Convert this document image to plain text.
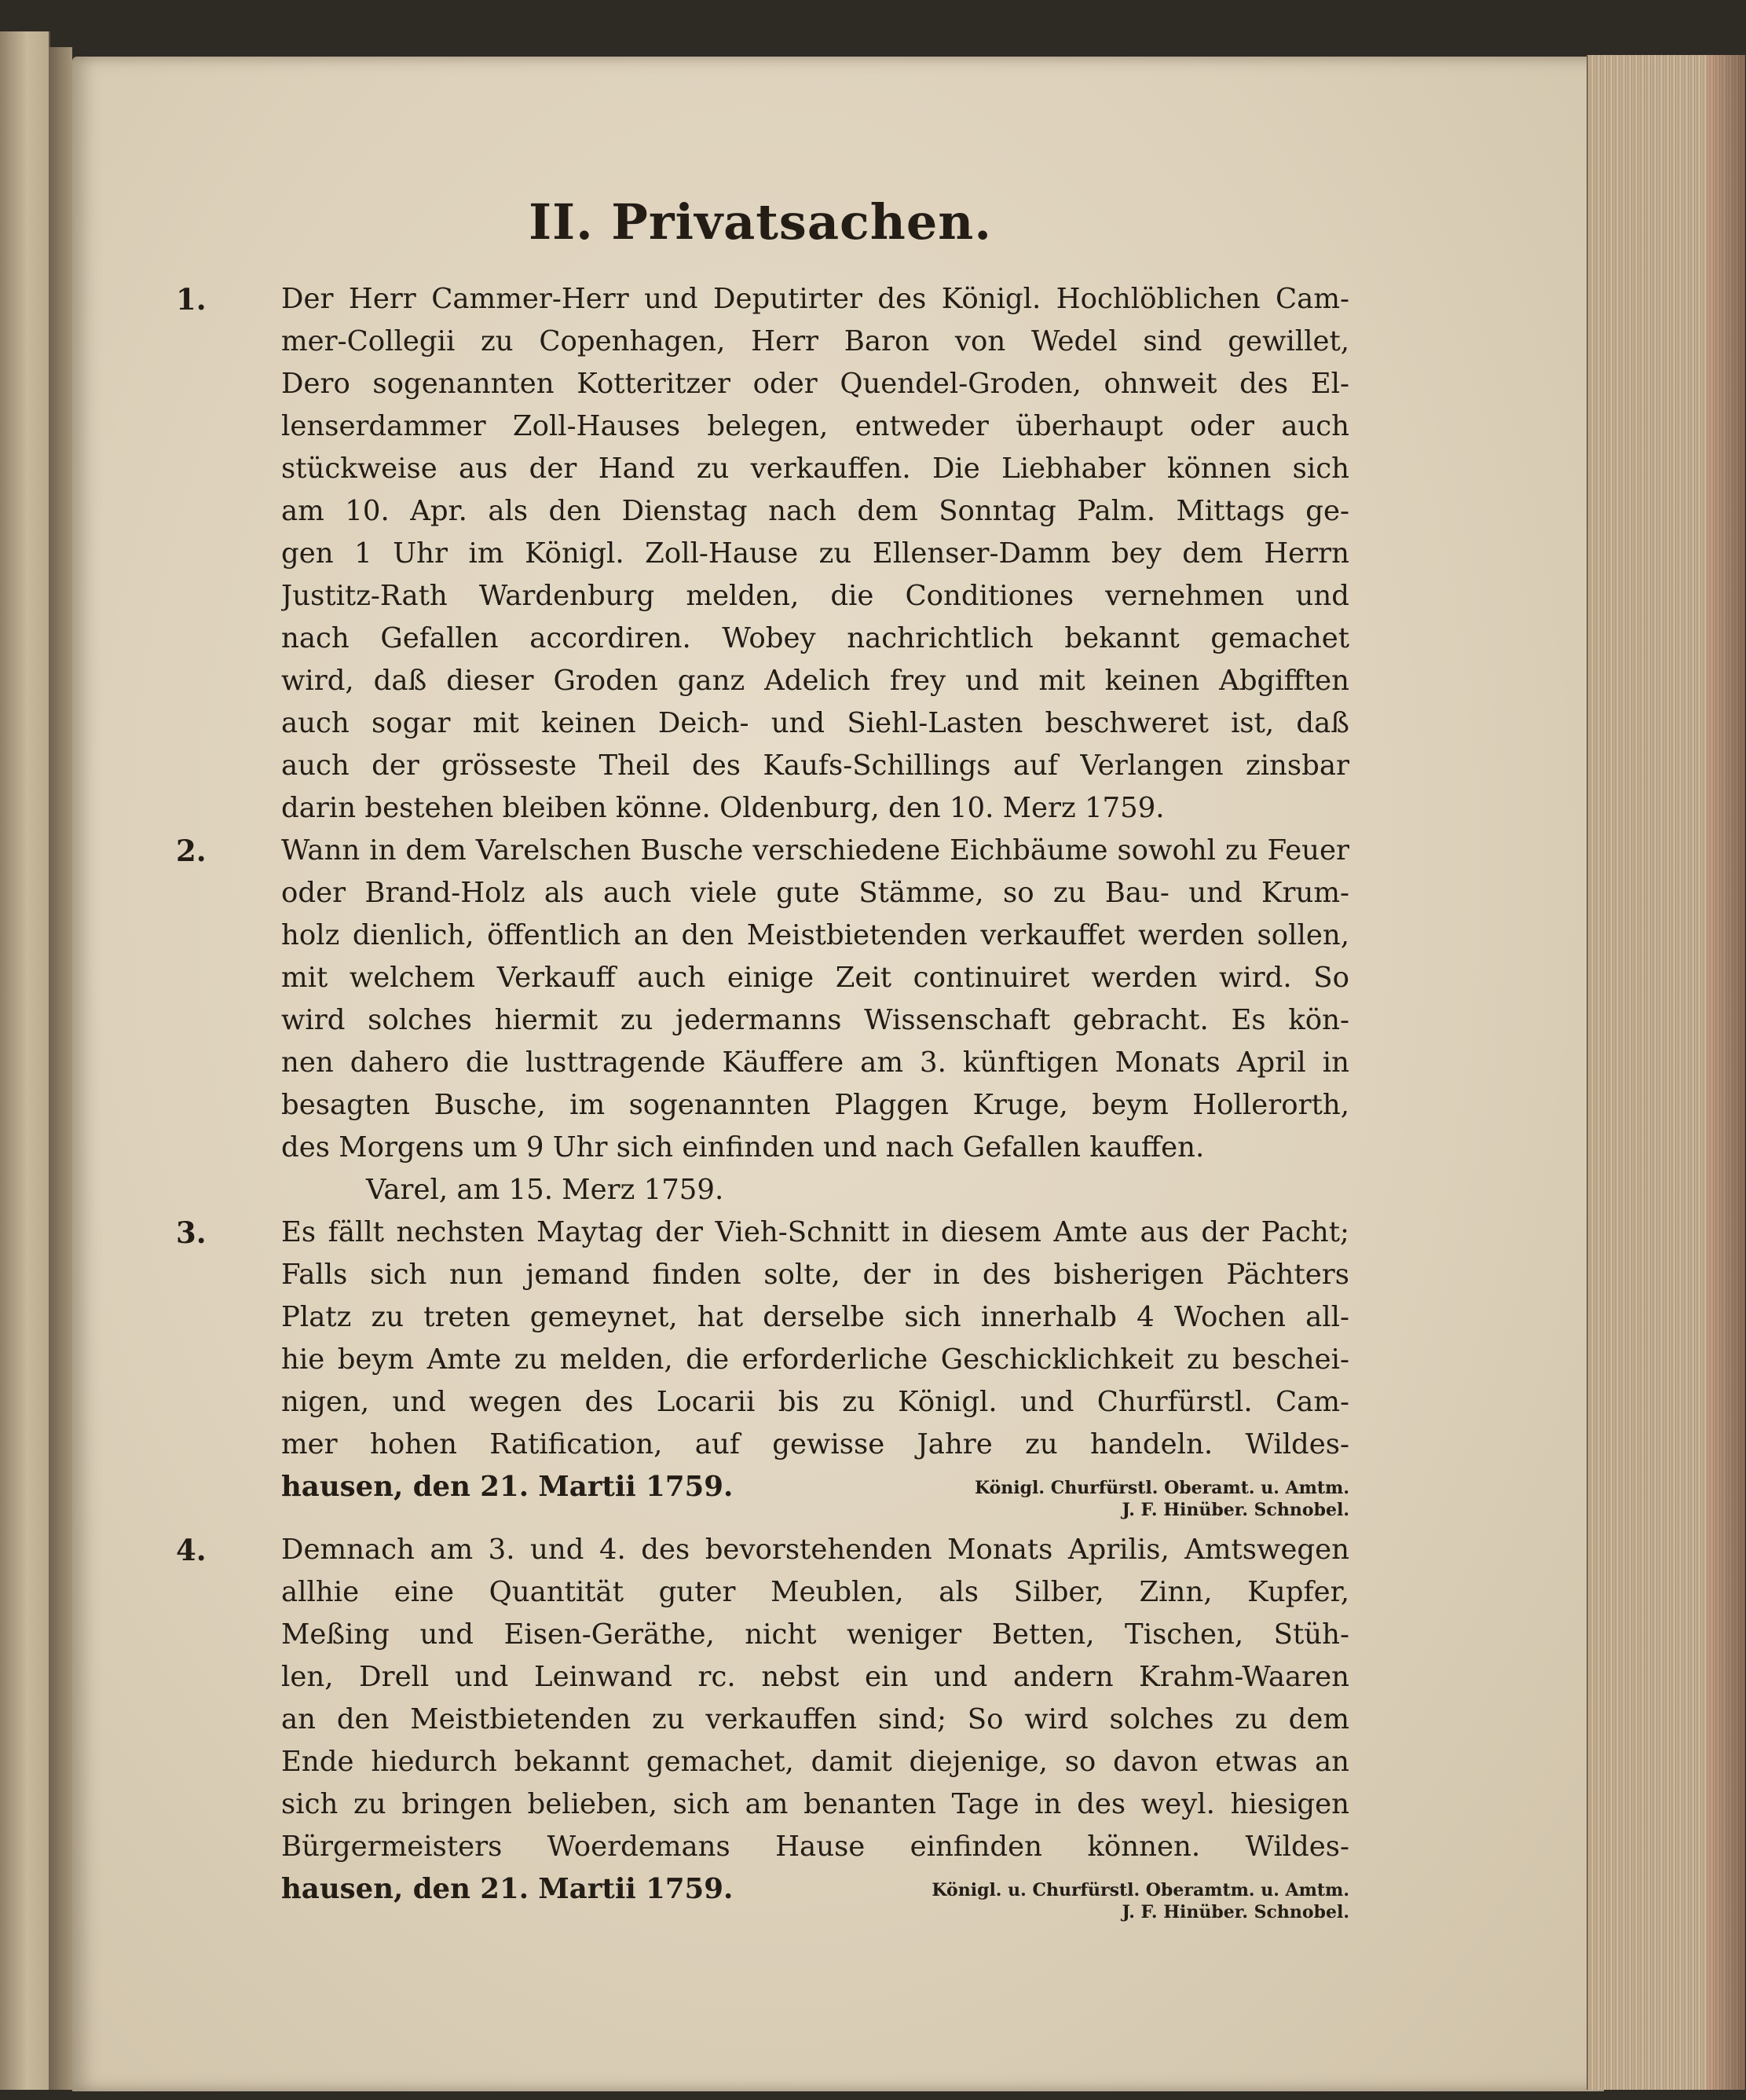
II. Privatsachen.
1.	Der Herr Cammer-Herr und Deputirter des Königl. Hochlöblichen Cam-
mer-Collegii zu Copenhagen, Herr Baron von Wedel sind gewillet,
Dero sogenannten Kotteritzer oder Quendel-Groden, ohnweit des El-
lenserdammer Zoll-Hauses belegen, entweder überhaupt oder auch
stückweise aus der Hand zu verkauffen. Die Liebhaber können sich
am 10. Apr. als den Dienstag nach dem Sonntag Palm. Mittags ge-
gen 1 Uhr im Königl. Zoll-Hause zu Ellenser-Damm bey dem Herrn
Justitz-Rath Wardenburg melden, die Conditiones vernehmen und
nach Gefallen accordiren. Wobey nachrichtlich bekannt gemachet
wird, daß dieser Groden ganz Adelich frey und mit keinen Abgifften
auch sogar mit keinen Deich- und Siehl-Lasten beschweret ist, daß
auch der grösseste Theil des Kaufs-Schillings auf Verlangen zinsbar
darin bestehen bleiben könne. Oldenburg, den 10. Merz 1759.
2.	Wann in dem Varelschen Busche verschiedene Eichbäume sowohl zu Feuer
oder Brand-Holz als auch viele gute Stämme, so zu Bau- und Krum-
holz dienlich, öffentlich an den Meistbietenden verkauffet werden sollen,
mit welchem Verkauff auch einige Zeit continuiret werden wird. So
wird solches hiermit zu jedermanns Wissenschaft gebracht. Es kön-
nen dahero die lusttragende Käuffere am 3. künftigen Monats April in
besagten Busche, im sogenannten Plaggen Kruge, beym Hollerorth,
des Morgens um 9 Uhr sich einfinden und nach Gefallen kauffen.
Varel, am 15. Merz 1759.
3.	Es fällt nechsten Maytag der Vieh-Schnitt in diesem Amte aus der Pacht;
Falls sich nun jemand finden solte, der in des bisherigen Pächters
Platz zu treten gemeynet, hat derselbe sich innerhalb 4 Wochen all-
hie beym Amte zu melden, die erforderliche Geschicklichkeit zu beschei-
nigen, und wegen des Locarii bis zu Königl. und Churfürstl. Cam-
mer hohen Ratification, auf gewisse Jahre zu handeln. Wildes-
hausen, den 21. Martii 1759.	Königl. Churfürstl. Oberamt. u. Amtm.
J. F. Hinüber. Schnobel.
4.	Demnach am 3. und 4. des bevorstehenden Monats Aprilis, Amtswegen
allhie eine Quantität guter Meublen, als Silber, Zinn, Kupfer,
Meßing und Eisen-Geräthe, nicht weniger Betten, Tischen, Stüh-
len, Drell und Leinwand rc. nebst ein und andern Krahm-Waaren
an den Meistbietenden zu verkauffen sind; So wird solches zu dem
Ende hiedurch bekannt gemachet, damit diejenige, so davon etwas an
sich zu bringen belieben, sich am benanten Tage in des weyl. hiesigen
Bürgermeisters Woerdemans Hause einfinden können. Wildes-
hausen, den 21. Martii 1759.	Königl. u. Churfürstl. Oberamtm. u. Amtm.
J. F. Hinüber. Schnobel.
